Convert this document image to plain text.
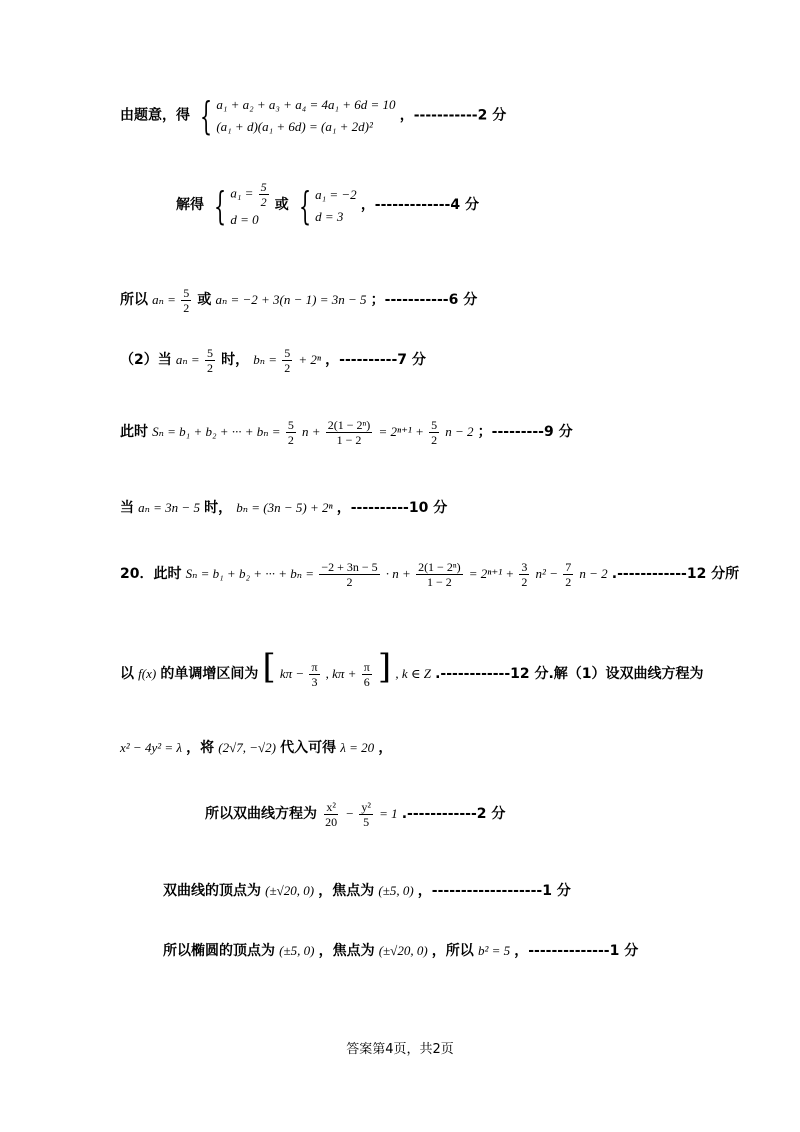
由题意，得 { a₁ + a₂ + a₃ + a₄ = 4a₁ + 6d = 10
(a₁ + d)(a₁ + 6d) = (a₁ + 2d)²
，-----------2 分
解得 { $a_1 = \frac{5}{2}$
d = 0
或 { a₁ = −2
d = 3
，-------------4 分
所以 $a_n = \frac{5}{2}$ 或 aₙ = −2 + 3(n − 1) = 3n − 5 ；-----------6 分
（2）当 $a_n = \frac{5}{2}$ 时， $b_n = \frac{5}{2} + 2^n$ ，----------7 分
此时 Sₙ = b₁ + b₂ + ··· + $b_n = \frac{5}{2}$ $n + \frac{\text{2(1 − 2ⁿ)}}{1 - 2} = 2^{n+1} + \frac{5}{2}$ n − 2 ；---------9 分
当 aₙ = 3n − 5 时， bₙ = (3n − 5) + 2ⁿ ，----------10 分
20．此时 Sₙ = b₁ + b₂ + ··· + $b_n = \frac{-2 + 3n - 5}{2} \cdot n + \frac{\text{2(1 − 2ⁿ)}}{1 - 2} = 2^{n+1} + \frac{3}{2} n^2 - \frac{7}{2}$ n − 2 .------------12 分所
以 f(x) 的单调增区间为 [ $k\pi - \frac{\pi}{3}$ , $k\pi + \frac{\pi}{6}$ ] , k ∈ Z .------------12 分.解（1）设双曲线方程为
x² − 4y² = λ ，将 (2√7, −√2) 代入可得 λ = 20 ，
所以双曲线方程为 $\frac{\text{x²}}{20} - \frac{\text{y²}}{5} = 1$ .------------2 分
双曲线的顶点为 (±√20, 0) ，焦点为 (±5, 0) ，-------------------1 分
所以椭圆的顶点为 (±5, 0) ，焦点为 (±√20, 0) ，所以 b² = 5 ，--------------1 分
答案第4页，共2页
